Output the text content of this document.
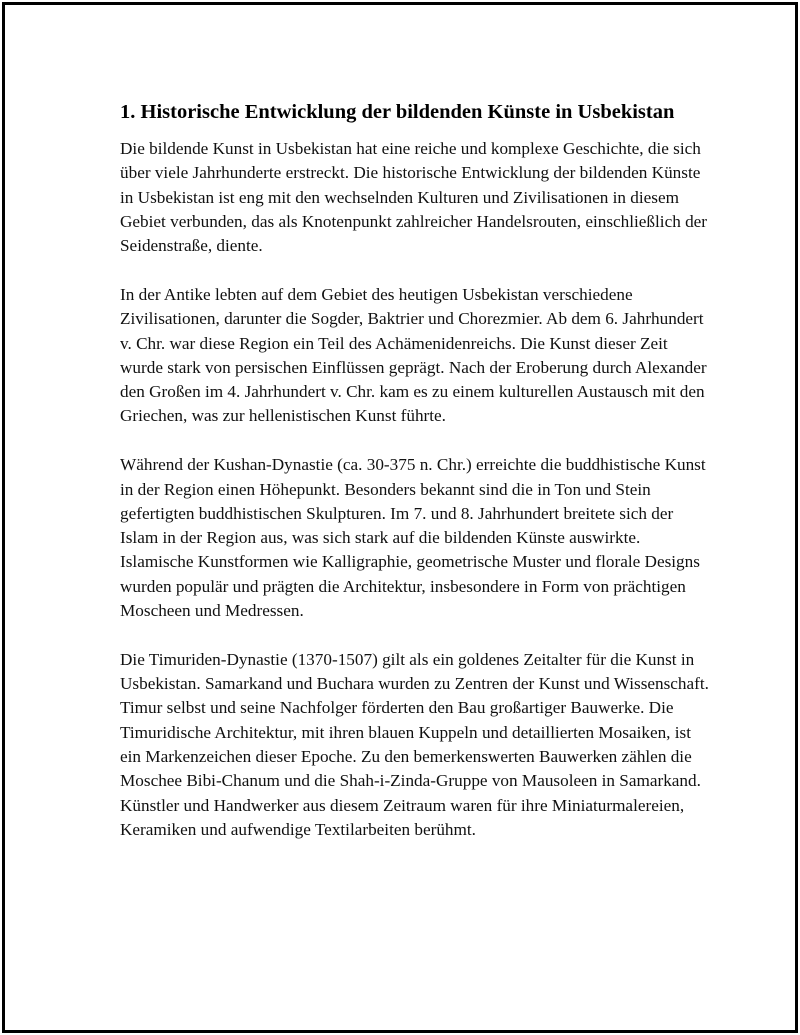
1. Historische Entwicklung der bildenden Künste in Usbekistan

Die bildende Kunst in Usbekistan hat eine reiche und komplexe Geschichte, die sich über viele Jahrhunderte erstreckt. Die historische Entwicklung der bildenden Künste in Usbekistan ist eng mit den wechselnden Kulturen und Zivilisationen in diesem Gebiet verbunden, das als Knotenpunkt zahlreicher Handelsrouten, einschließlich der Seidenstraße, diente.

In der Antike lebten auf dem Gebiet des heutigen Usbekistan verschiedene Zivilisationen, darunter die Sogder, Baktrier und Chorezmier. Ab dem 6. Jahrhundert v. Chr. war diese Region ein Teil des Achämenidenreichs. Die Kunst dieser Zeit wurde stark von persischen Einflüssen geprägt. Nach der Eroberung durch Alexander den Großen im 4. Jahrhundert v. Chr. kam es zu einem kulturellen Austausch mit den Griechen, was zur hellenistischen Kunst führte.

Während der Kushan-Dynastie (ca. 30-375 n. Chr.) erreichte die buddhistische Kunst in der Region einen Höhepunkt. Besonders bekannt sind die in Ton und Stein gefertigten buddhistischen Skulpturen. Im 7. und 8. Jahrhundert breitete sich der Islam in der Region aus, was sich stark auf die bildenden Künste auswirkte. Islamische Kunstformen wie Kalligraphie, geometrische Muster und florale Designs wurden populär und prägten die Architektur, insbesondere in Form von prächtigen Moscheen und Medressen.

Die Timuriden-Dynastie (1370-1507) gilt als ein goldenes Zeitalter für die Kunst in Usbekistan. Samarkand und Buchara wurden zu Zentren der Kunst und Wissenschaft. Timur selbst und seine Nachfolger förderten den Bau großartiger Bauwerke. Die Timuridische Architektur, mit ihren blauen Kuppeln und detaillierten Mosaiken, ist ein Markenzeichen dieser Epoche. Zu den bemerkenswerten Bauwerken zählen die Moschee Bibi-Chanum und die Shah-i-Zinda-Gruppe von Mausoleen in Samarkand. Künstler und Handwerker aus diesem Zeitraum waren für ihre Miniaturmalereien, Keramiken und aufwendige Textilarbeiten berühmt.
